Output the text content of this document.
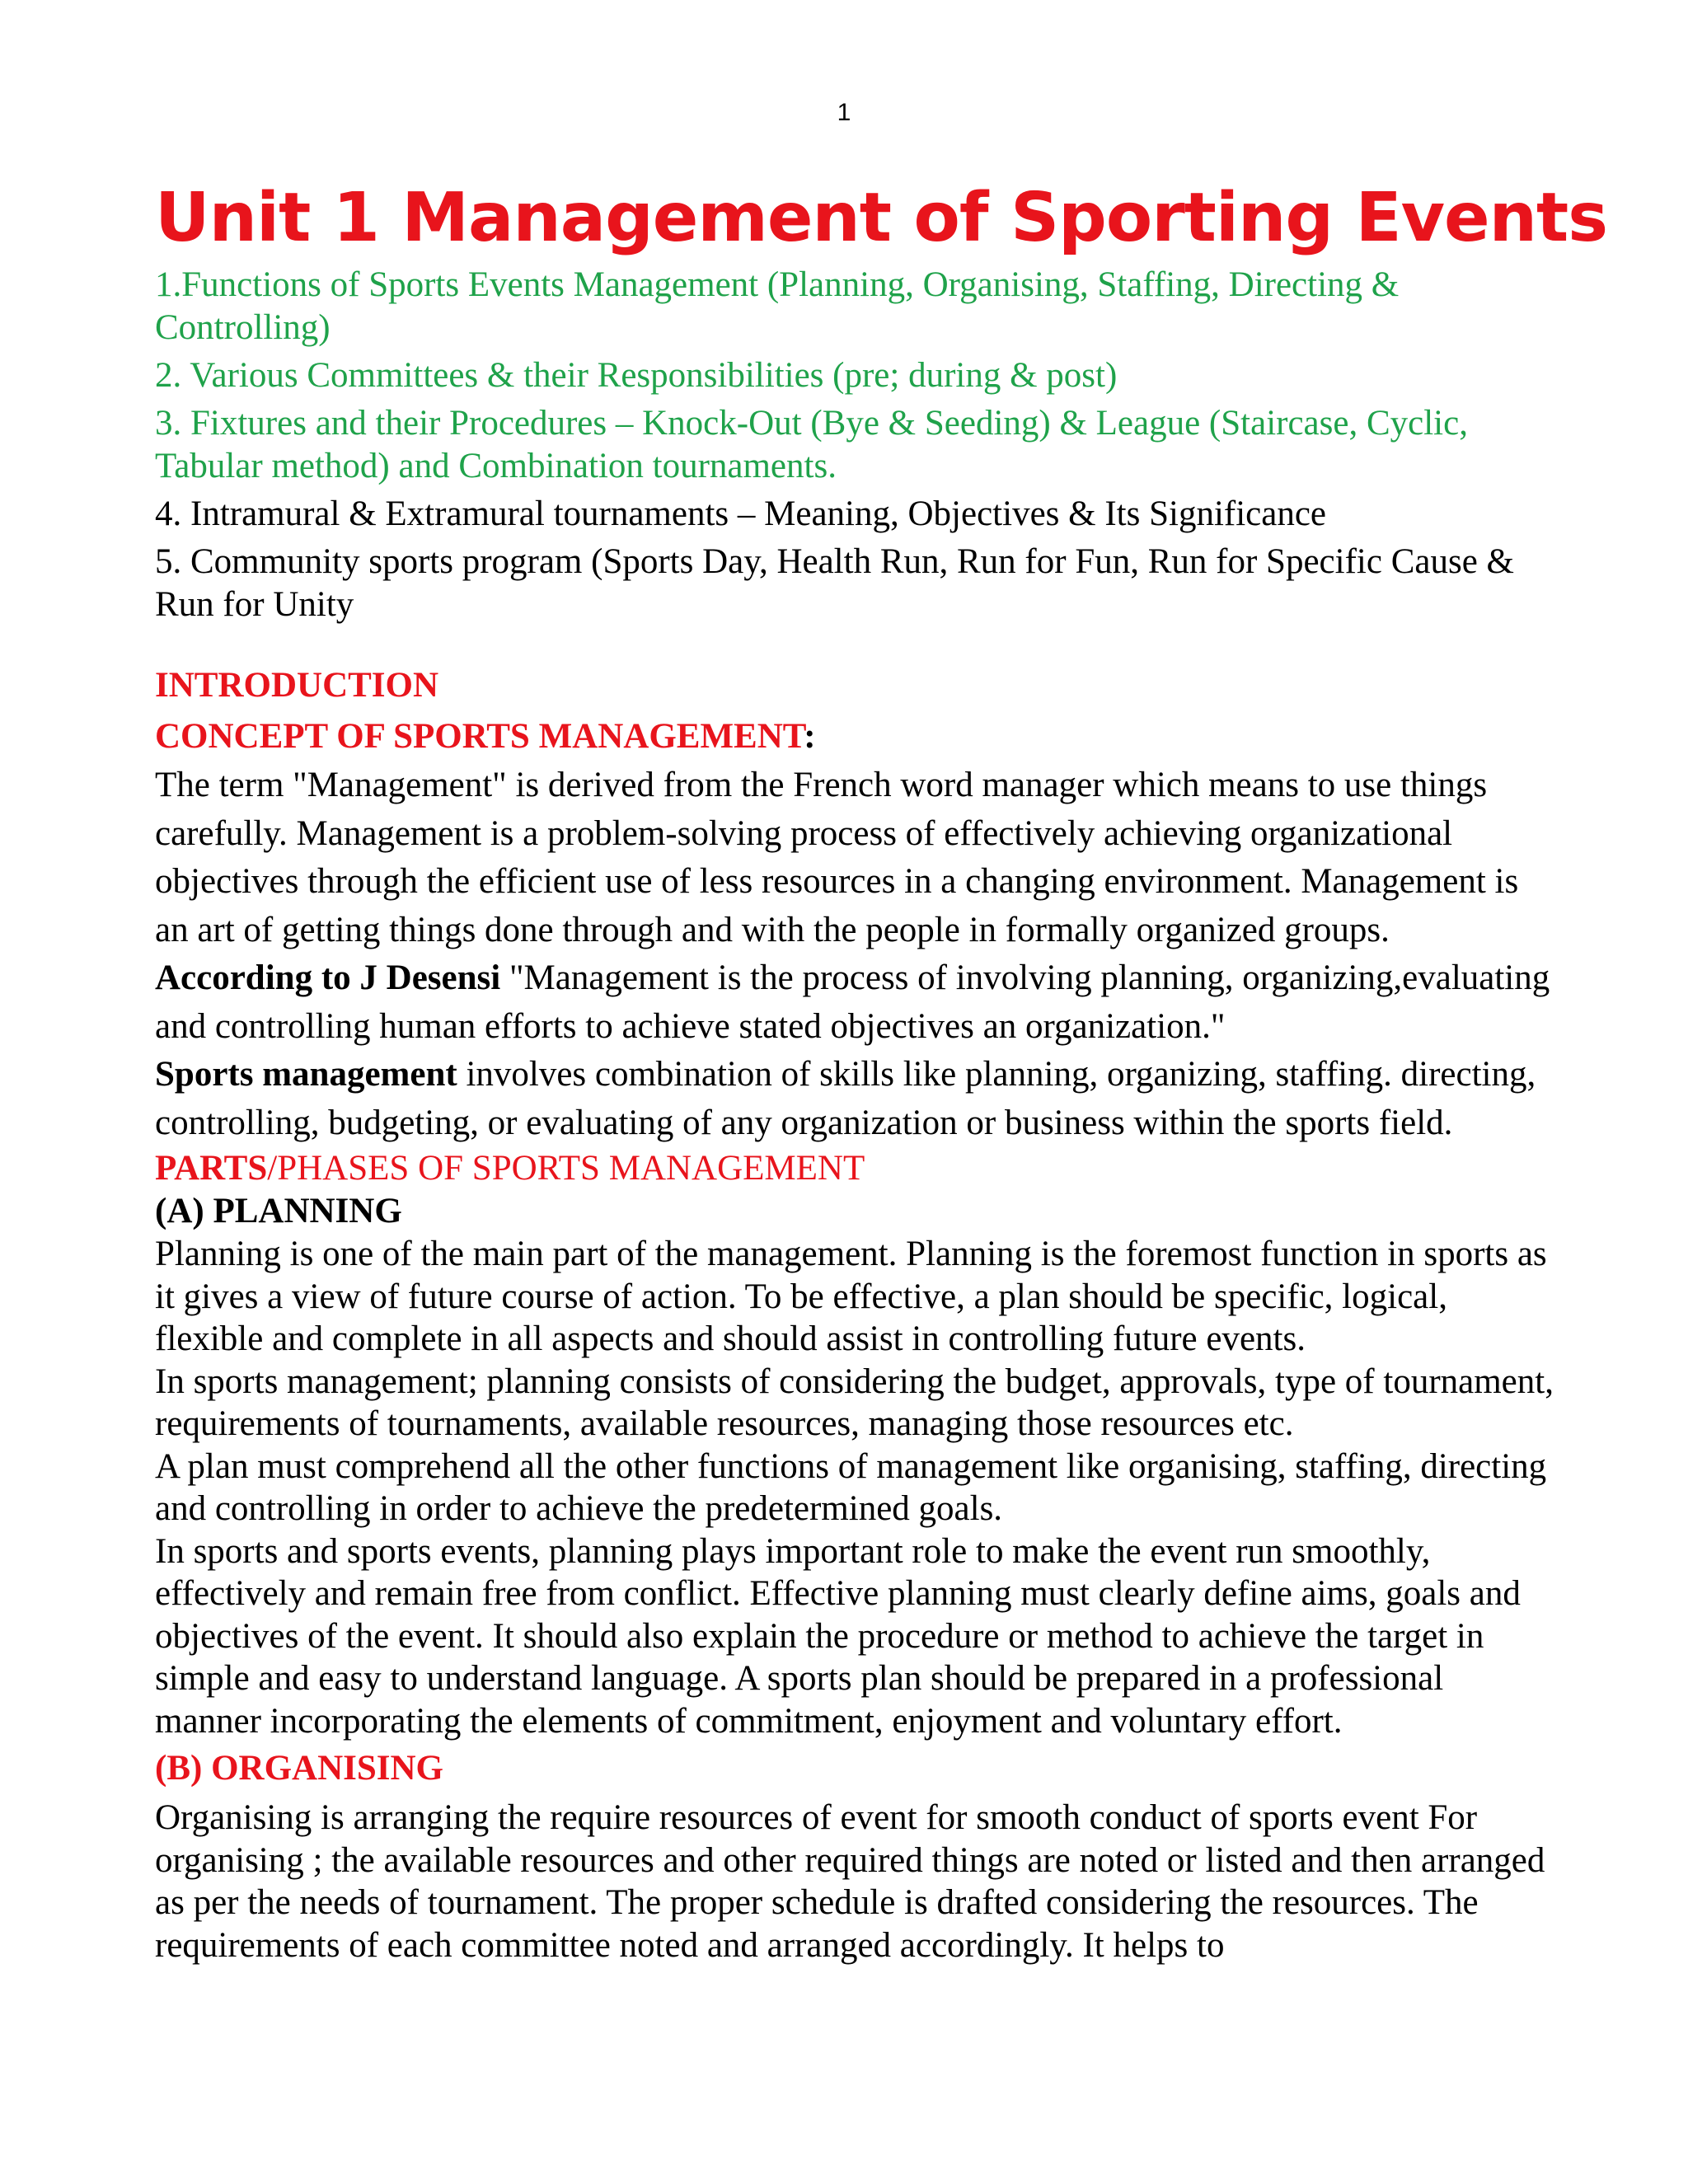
1
Unit 1 Management of Sporting Events

1.Functions of Sports Events Management (Planning, Organising, Staffing, Directing & Controlling)

2. Various Committees & their Responsibilities (pre; during & post)

3. Fixtures and their Procedures – Knock-Out (Bye & Seeding) & League (Staircase, Cyclic, Tabular method) and Combination tournaments.

4. Intramural & Extramural tournaments – Meaning, Objectives & Its Significance

5. Community sports program (Sports Day, Health Run, Run for Fun, Run for Specific Cause & Run for Unity

INTRODUCTION

CONCEPT OF SPORTS MANAGEMENT:

The term "Management" is derived from the French word manager which means to use things carefully. Management is a problem-solving process of effectively achieving organizational objectives through the efficient use of less resources in a changing environment. Management is an art of getting things done through and with the people in formally organized groups.

According to J Desensi "Management is the process of involving planning, organizing,evaluating and controlling human efforts to achieve stated objectives an organization."

Sports management involves combination of skills like planning, organizing, staffing. directing, controlling, budgeting, or evaluating of any organization or business within the sports field.

PARTS/PHASES OF SPORTS MANAGEMENT

(A) PLANNING

Planning is one of the main part of the management. Planning is the foremost function in sports as it gives a view of future course of action. To be effective, a plan should be specific, logical, flexible and complete in all aspects and should assist in controlling future events.

In sports management; planning consists of considering the budget, approvals, type of tournament, requirements of tournaments, available resources, managing those resources etc.

A plan must comprehend all the other functions of management like organising, staffing, directing and controlling in order to achieve the predetermined goals.

In sports and sports events, planning plays important role to make the event run smoothly, effectively and remain free from conflict. Effective planning must clearly define aims, goals and objectives of the event. It should also explain the procedure or method to achieve the target in simple and easy to understand language. A sports plan should be prepared in a professional manner incorporating the elements of commitment, enjoyment and voluntary effort.

(B) ORGANISING

Organising is arranging the require resources of event for smooth conduct of sports event For organising ; the available resources and other required things are noted or listed and then arranged as per the needs of tournament. The proper schedule is drafted considering the resources. The requirements of each committee noted and arranged accordingly. It helps to
